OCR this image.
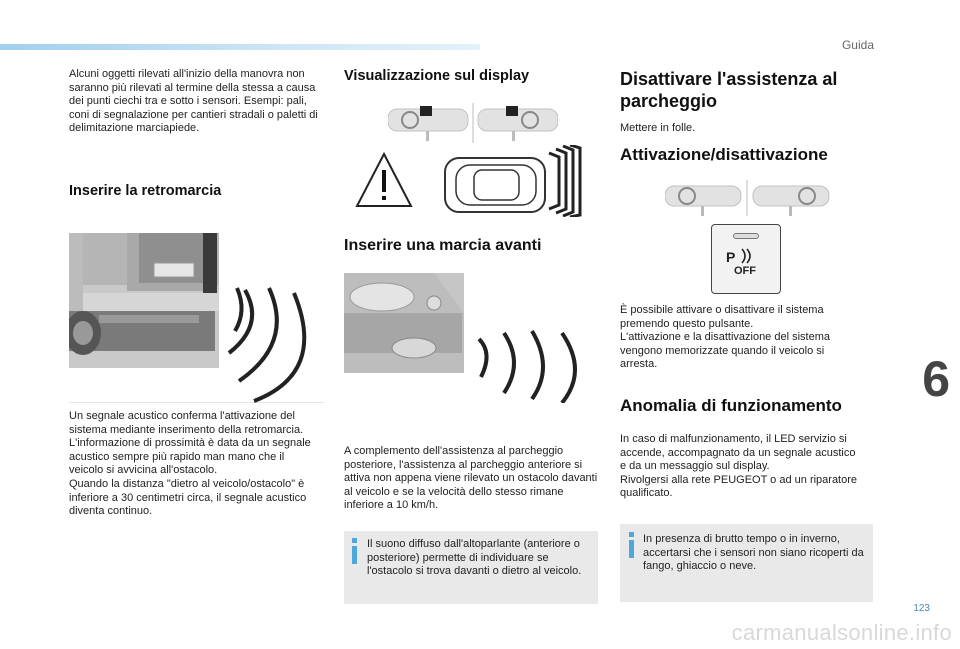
Guida
6

Alcuni oggetti rilevati all'inizio della manovra non saranno più rilevati al termine della stessa a causa dei punti ciechi tra e sotto i sensori. Esempi: pali, coni di segnalazione per cantieri stradali o paletti di delimitazione marciapiede.

Inserire la retromarcia

Un segnale acustico conferma l'attivazione del sistema mediante inserimento della retromarcia.
L'informazione di prossimità è data da un segnale acustico sempre più rapido man mano che il veicolo si avvicina all'ostacolo.
Quando la distanza "dietro al veicolo/ostacolo" è inferiore a 30 centimetri circa, il segnale acustico diventa continuo.

Visualizzazione sul display
Inserire una marcia avanti

A complemento dell'assistenza al parcheggio posteriore, l'assistenza al parcheggio anteriore si attiva non appena viene rilevato un ostacolo davanti al veicolo e se la velocità dello stesso rimane inferiore a 10 km/h.

Il suono diffuso dall'altoparlante (anteriore o posteriore) permette di individuare se l'ostacolo si trova davanti o dietro al veicolo.

Disattivare l'assistenza al parcheggio

Mettere in folle.

Attivazione/disattivazione
P
OFF

È possibile attivare o disattivare il sistema premendo questo pulsante.
L'attivazione e la disattivazione del sistema vengono memorizzate quando il veicolo si arresta.

Anomalia di funzionamento

In caso di malfunzionamento, il LED servizio si accende, accompagnato da un segnale acustico e da un messaggio sul display.
Rivolgersi alla rete PEUGEOT o ad un riparatore qualificato.

In presenza di brutto tempo o in inverno, accertarsi che i sensori non siano ricoperti da fango, ghiaccio o neve.

123
carmanualsonline.info
